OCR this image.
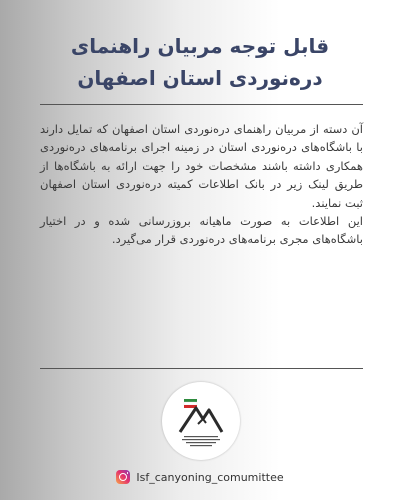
قابل توجه مربیان راهنمای دره‌نوردی استان اصفهان

آن دسته از مربیان راهنمای دره‌نوردی استان اصفهان که تمایل دارند با باشگاه‌های دره‌نوردی استان در زمینه اجرای برنامه‌های دره‌نوردی همکاری داشته باشند مشخصات خود را جهت ارائه به باشگاه‌ها از طریق لینک زیر در بانک اطلاعات کمیته دره‌نوردی استان اصفهان ثبت نمایند.

این اطلاعات به صورت ماهیانه بروزرسانی شده و در اختیار باشگاه‌های مجری برنامه‌های دره‌نوردی قرار می‌گیرد.

Isf_canyoning_comumittee
